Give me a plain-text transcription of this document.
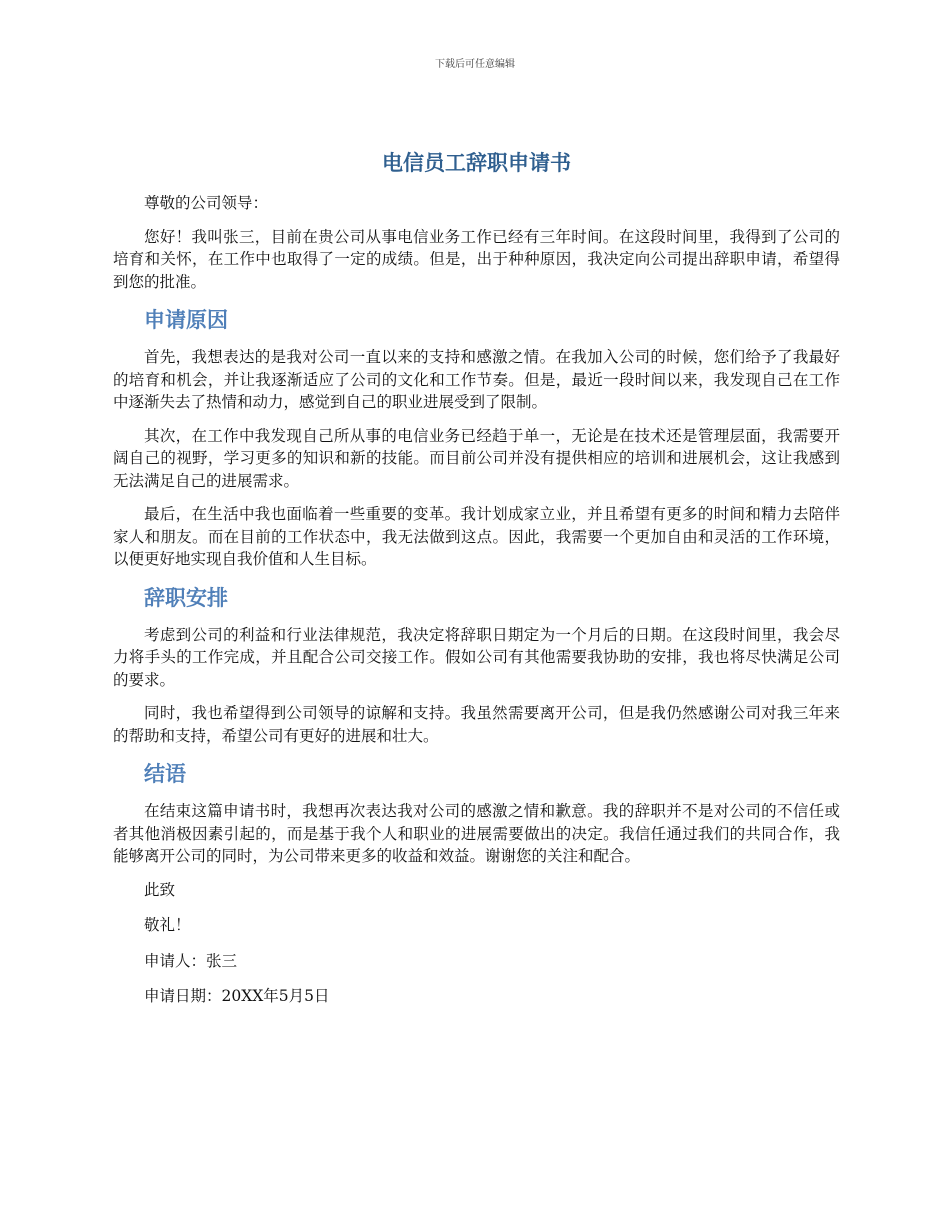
下载后可任意编辑
电信员工辞职申请书

尊敬的公司领导：

您好！我叫张三，目前在贵公司从事电信业务工作已经有三年时间。在这段时间里，我得到了公司的培育和关怀，在工作中也取得了一定的成绩。但是，出于种种原因，我决定向公司提出辞职申请，希望得到您的批准。

申请原因

首先，我想表达的是我对公司一直以来的支持和感激之情。在我加入公司的时候，您们给予了我最好的培育和机会，并让我逐渐适应了公司的文化和工作节奏。但是，最近一段时间以来，我发现自己在工作中逐渐失去了热情和动力，感觉到自己的职业进展受到了限制。

其次，在工作中我发现自己所从事的电信业务已经趋于单一，无论是在技术还是管理层面，我需要开阔自己的视野，学习更多的知识和新的技能。而目前公司并没有提供相应的培训和进展机会，这让我感到无法满足自己的进展需求。

最后，在生活中我也面临着一些重要的变革。我计划成家立业，并且希望有更多的时间和精力去陪伴家人和朋友。而在目前的工作状态中，我无法做到这点。因此，我需要一个更加自由和灵活的工作环境，以便更好地实现自我价值和人生目标。

辞职安排

考虑到公司的利益和行业法律规范，我决定将辞职日期定为一个月后的日期。在这段时间里，我会尽力将手头的工作完成，并且配合公司交接工作。假如公司有其他需要我协助的安排，我也将尽快满足公司的要求。

同时，我也希望得到公司领导的谅解和支持。我虽然需要离开公司，但是我仍然感谢公司对我三年来的帮助和支持，希望公司有更好的进展和壮大。

结语

在结束这篇申请书时，我想再次表达我对公司的感激之情和歉意。我的辞职并不是对公司的不信任或者其他消极因素引起的，而是基于我个人和职业的进展需要做出的决定。我信任通过我们的共同合作，我能够离开公司的同时，为公司带来更多的收益和效益。谢谢您的关注和配合。

此致

敬礼！

申请人：张三

申请日期：20XX年5月5日
